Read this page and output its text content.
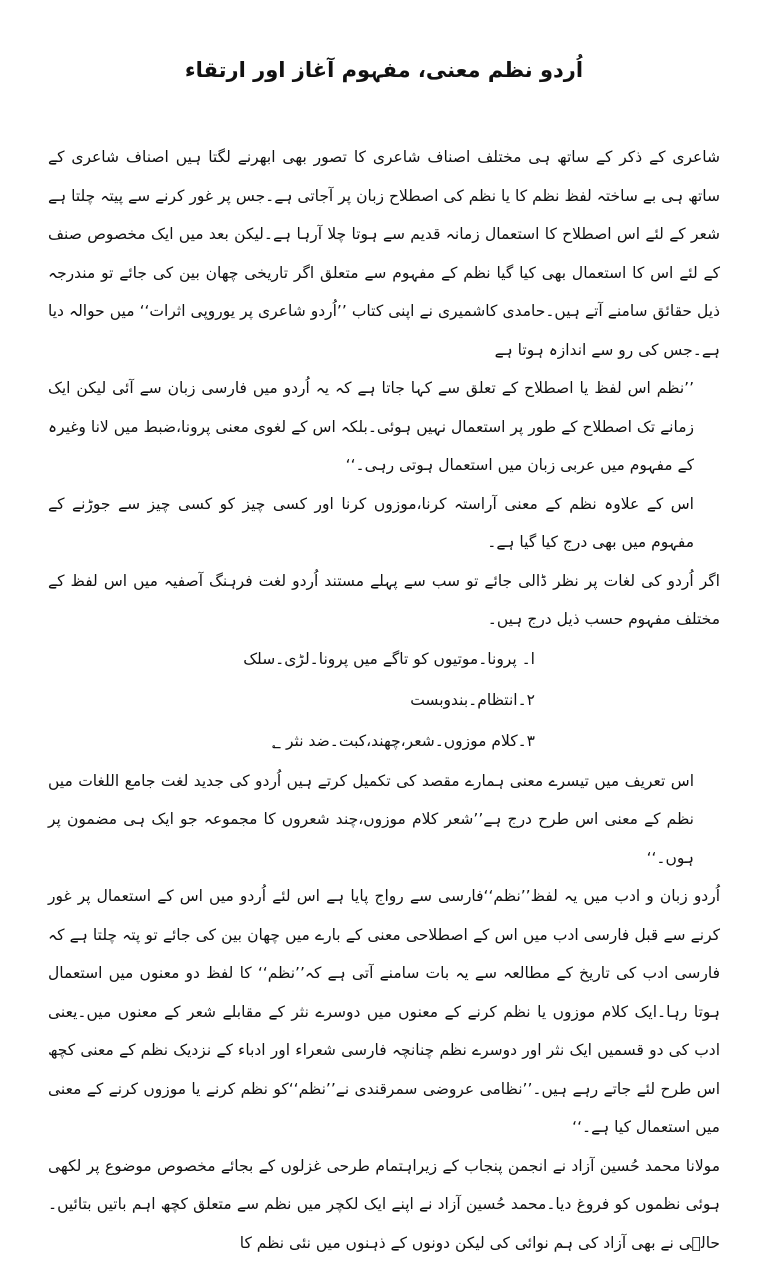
اُردو نظم معنی، مفہوم آغاز اور ارتقاء

شاعری کے ذکر کے ساتھ ہی مختلف اصناف شاعری کا تصور بھی ابھرنے لگتا ہیں اصناف شاعری کے ساتھ ہی بے ساختہ لفظ نظم کا یا نظم کی اصطلاح زبان پر آجاتی ہے۔جس پر غور کرنے سے پیتہ چلتا ہے شعر کے لئے اس اصطلاح کا استعمال زمانہ قدیم سے ہوتا چلا آرہا ہے۔لیکن بعد میں ایک مخصوص صنف کے لئے اس کا استعمال بھی کیا گیا نظم کے مفہوم سے متعلق اگر تاریخی چھان بین کی جائے تو مندرجہ ذیل حقائق سامنے آتے ہیں۔حامدی کاشمیری نے اپنی کتاب ’’اُردو شاعری پر یوروپی اثرات‘‘ میں حوالہ دیا ہے۔جس کی رو سے اندازہ ہوتا ہے

’’نظم اس لفظ یا اصطلاح کے تعلق سے کہا جاتا ہے کہ یہ اُردو میں فارسی زبان سے آئی لیکن ایک زمانے تک اصطلاح کے طور پر استعمال نہیں ہوئی۔بلکہ اس کے لغوی معنی پرونا،ضبط میں لانا وغیرہ کے مفہوم میں عربی زبان میں استعمال ہوتی رہی۔‘‘

اس کے علاوہ نظم کے معنی آراستہ کرنا،موزوں کرنا اور کسی چیز کو کسی چیز سے جوڑنے کے مفہوم میں بھی درج کیا گیا ہے۔

اگر اُردو کی لغات پر نظر ڈالی جائے تو سب سے پہلے مستند اُردو لغت فرہنگ آصفیہ میں اس لفظ کے مختلف مفہوم حسب ذیل درج ہیں۔

ا۔ پرونا۔موتیوں کو تاگے میں پرونا۔لڑی۔سلک

۲۔انتظام۔بندوبست

۳۔کلام موزوں۔شعر،چھند،کبت۔ضد نثر ؂

اس تعریف میں تیسرے معنی ہمارے مقصد کی تکمیل کرتے ہیں اُردو کی جدید لغت جامع اللغات میں نظم کے معنی اس طرح درج ہے’’شعر کلام موزوں،چند شعروں کا مجموعہ جو ایک ہی مضمون پر ہوں۔‘‘

اُردو زبان و ادب میں یہ لفظ’’نظم‘‘فارسی سے رواج پایا ہے اس لئے اُردو میں اس کے استعمال پر غور کرنے سے قبل فارسی ادب میں اس کے اصطلاحی معنی کے بارے میں چھان بین کی جائے تو پتہ چلتا ہے کہ فارسی ادب کی تاریخ کے مطالعہ سے یہ بات سامنے آتی ہے کہ’’نظم‘‘ کا لفظ دو معنوں میں استعمال ہوتا رہا۔ایک کلام موزوں یا نظم کرنے کے معنوں میں دوسرے نثر کے مقابلے شعر کے معنوں میں۔یعنی ادب کی دو قسمیں ایک نثر اور دوسرے نظم چنانچہ فارسی شعراء اور ادباء کے نزدیک نظم کے معنی کچھ اس طرح لئے جاتے رہے ہیں۔’’نظامی عروضی سمرقندی نے’’نظم‘‘کو نظم کرنے یا موزوں کرنے کے معنی میں استعمال کیا ہے۔‘‘

مولانا محمد حُسین آزاد نے انجمن پنجاب کے زیراہتمام طرحی غزلوں کے بجائے مخصوص موضوع پر لکھی ہوئی نظموں کو فروغ دیا۔محمد حُسین آزاد نے اپنے ایک لکچر میں نظم سے متعلق کچھ اہم باتیں بتائیں۔حالؔی نے بھی آزاد کی ہم نوائی کی لیکن دونوں کے ذہنوں میں نئی نظم کا
